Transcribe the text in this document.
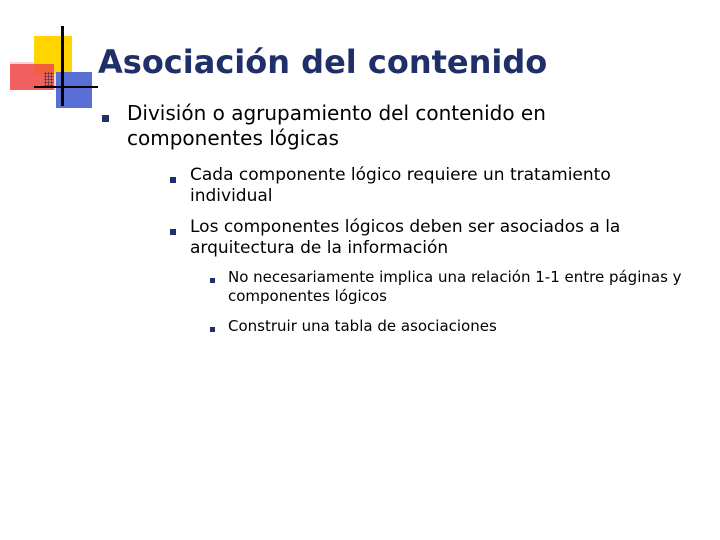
Asociación del contenido
División o agrupamiento del contenido en componentes lógicas
Cada componente lógico requiere un tratamiento individual
Los componentes lógicos deben ser asociados a la arquitectura de la información
No necesariamente implica una relación 1-1 entre páginas y componentes lógicos
Construir una tabla de asociaciones
